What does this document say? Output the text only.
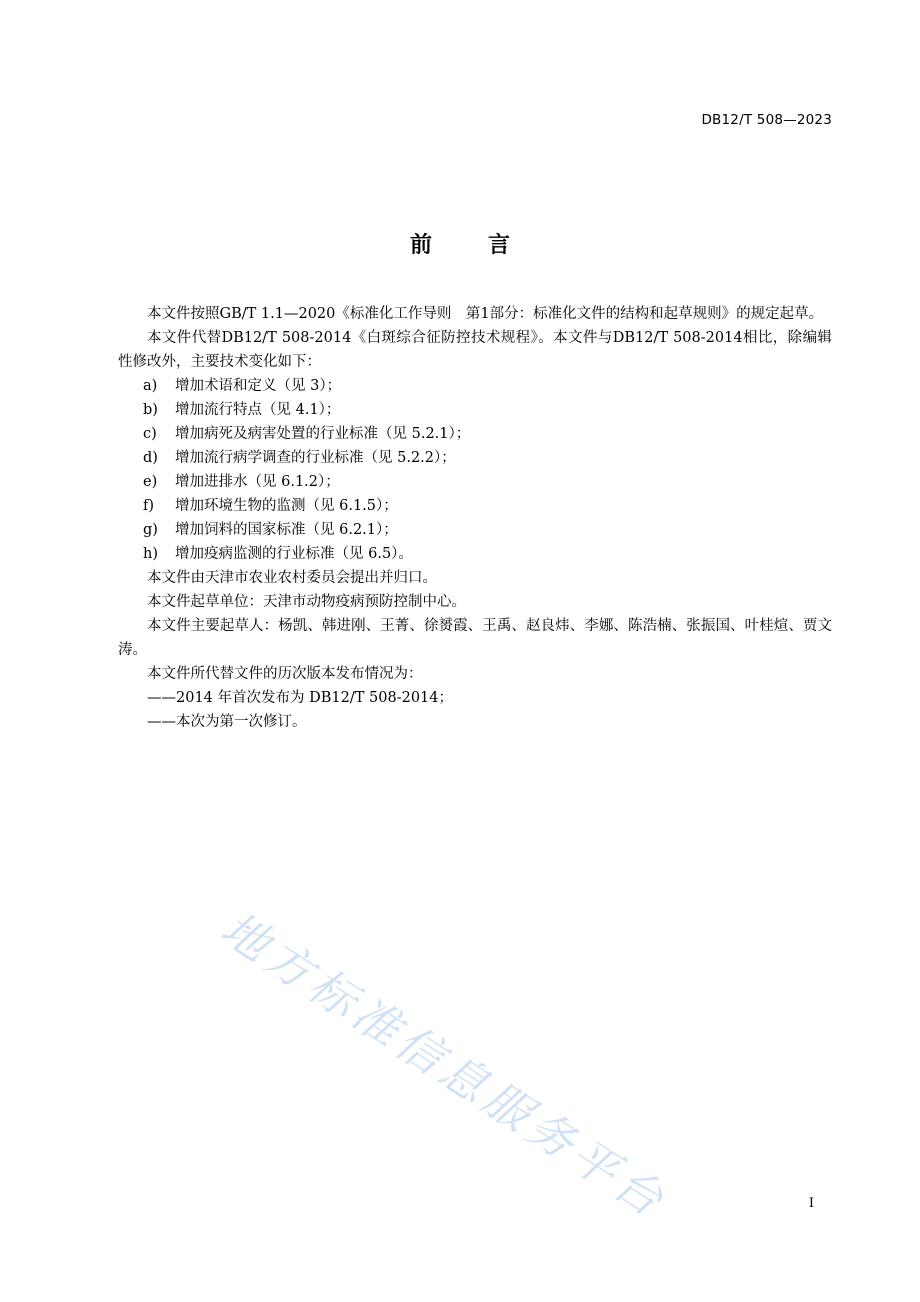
DB12/T 508—2023
前	言

本文件按照GB/T 1.1—2020《标准化工作导则　第1部分：标准化文件的结构和起草规则》的规定起草。

本文件代替DB12/T 508-2014《白斑综合征防控技术规程》。本文件与DB12/T 508-2014相比，除编辑性修改外，主要技术变化如下：

a) 增加术语和定义（见 3）；

b) 增加流行特点（见 4.1）；

c) 增加病死及病害处置的行业标准（见 5.2.1）；

d) 增加流行病学调查的行业标准（见 5.2.2）；

e) 增加进排水（见 6.1.2）；

f) 增加环境生物的监测（见 6.1.5）；

g) 增加饲料的国家标准（见 6.2.1）；

h) 增加疫病监测的行业标准（见 6.5）。

本文件由天津市农业农村委员会提出并归口。

本文件起草单位：天津市动物疫病预防控制中心。

本文件主要起草人：杨凯、韩进刚、王菁、徐赟霞、王禹、赵良炜、李娜、陈浩楠、张振国、叶桂煊、贾文涛。

本文件所代替文件的历次版本发布情况为：

——2014 年首次发布为 DB12/T 508-2014；

——本次为第一次修订。

地方标准信息服务平台	I
